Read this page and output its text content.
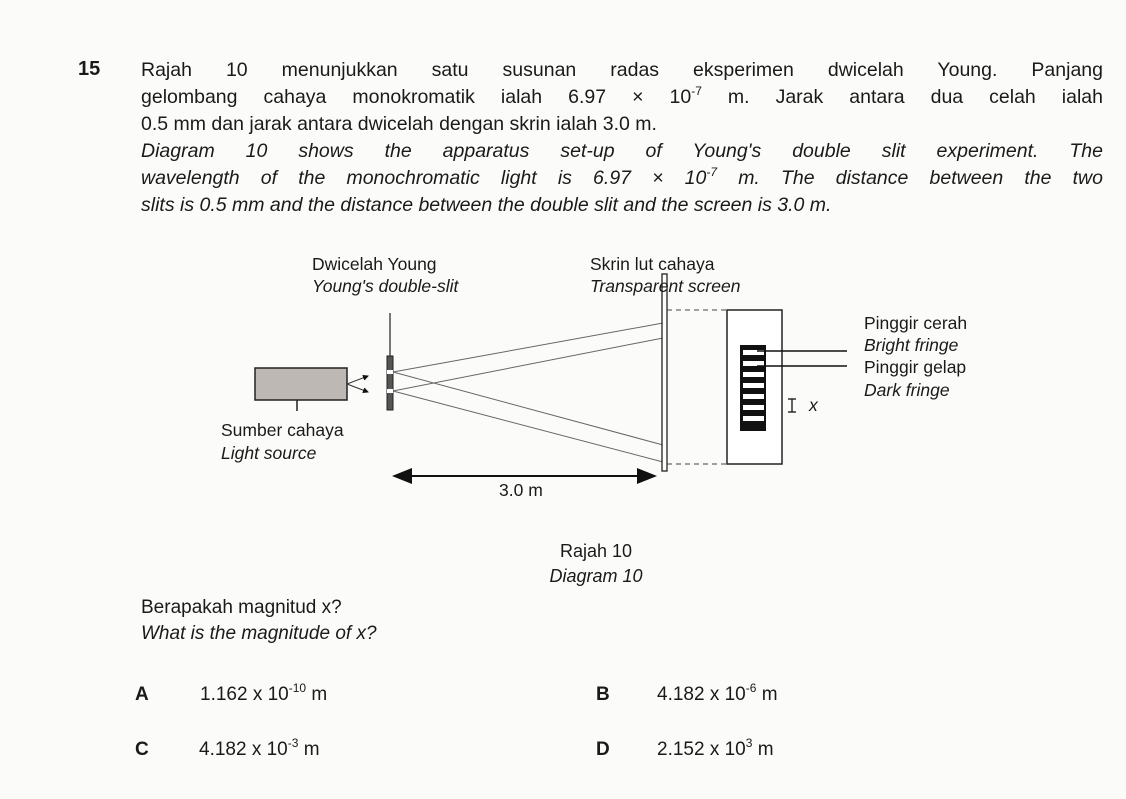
15 Rajah 10 menunjukkan satu susunan radas eksperimen dwicelah Young. Panjang
gelombang cahaya monokromatik ialah $6.97 \times 10^{-7}$ m. Jarak antara dua celah ialah
0.5 mm dan jarak antara dwicelah dengan skrin ialah 3.0 m.
Diagram 10 shows the apparatus set-up of Young's double slit experiment. The
wavelength of the monochromatic light is $6.97 \times 10^{-7}$ m. The distance between the two
slits is 0.5 mm and the distance between the double slit and the screen is 3.0 m.
Dwicelah Young
Young's double-slit
Skrin lut cahaya
Transparent screen
Pinggir cerah
Bright fringe
Pinggir gelap
Dark fringe
x
Sumber cahaya
Light source
3.0 m
Rajah 10
Diagram 10
Berapakah magnitud x?
What is the magnitude of x?
A	1.162 x $10^{-10}$ m	B 4.182 x $10^{-6}$ m
C	4.182 x $10^{-3}$ m	D 2.152 x $10^3$ m
